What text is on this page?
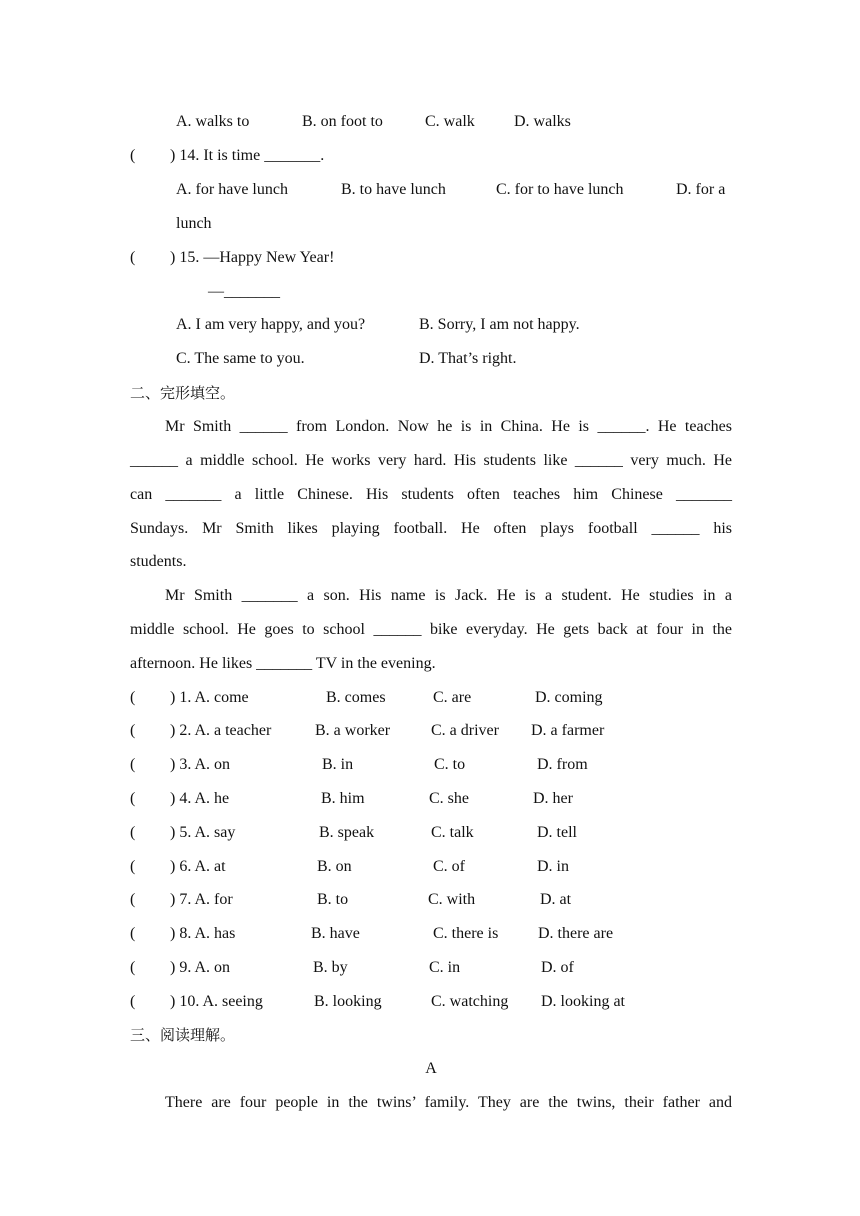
A. walks to	B. on foot to	C. walk D. walks
( ) 14. It is time _______.
A. for have lunch	B. to have lunch	C. for to have lunch	D. for a
lunch
( ) 15. —Happy New Year!
—_______
A. I am very happy, and you?	B. Sorry, I am not happy.
C. The same to you.	D. That’s right.
二、完形填空。
Mr Smith ______ from London. Now he is in China. He is ______. He teaches
______ a middle school. He works very hard. His students like ______ very much. He
can _______ a little Chinese. His students often teaches him Chinese _______
Sundays. Mr Smith likes playing football. He often plays football ______ his
students.
Mr Smith _______ a son. His name is Jack. He is a student. He studies in a
middle school. He goes to school ______ bike everyday. He gets back at four in the
afternoon. He likes _______ TV in the evening.
( ) 1. A. come	B. comes	C. are	D. coming
( ) 2. A. a teacher	B. a worker	C. a driver D. a farmer
( ) 3. A. on	B. in	C. to	D. from
( ) 4. A. he	B. him	C. she	D. her
( ) 5. A. say	B. speak	C. talk	D. tell
( ) 6. A. at	B. on	C. of	D. in
( ) 7. A. for	B. to	C. with	D. at
( ) 8. A. has	B. have	C. there is D. there are
( ) 9. A. on	B. by	C. in	D. of
( ) 10. A. seeing	B. looking	C. watching D. looking at
三、阅读理解。
A
There are four people in the twins’ family. They are the twins, their father and
